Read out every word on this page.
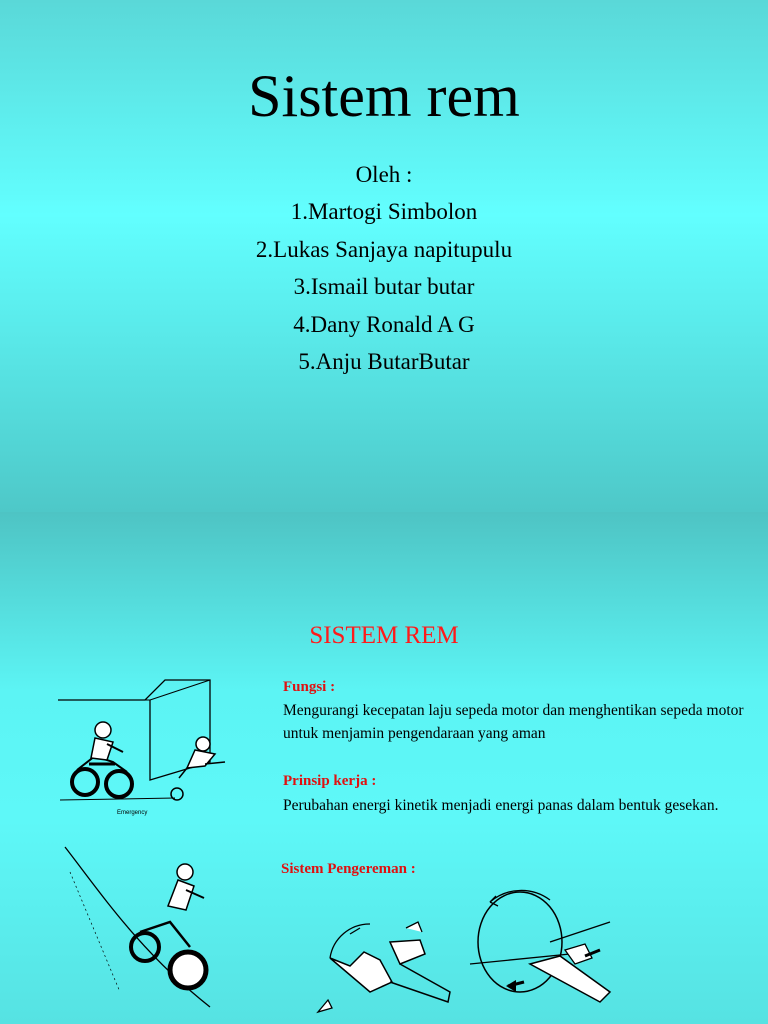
Sistem rem
Oleh :
1.Martogi Simbolon
2.Lukas Sanjaya napitupulu
3.Ismail butar butar
4.Dany Ronald A G
5.Anju ButarButar
SISTEM REM
Fungsi :
Mengurangi kecepatan laju sepeda motor dan menghentikan sepeda motor untuk menjamin pengendaraan yang aman
Prinsip kerja :
Perubahan energi kinetik menjadi energi panas dalam bentuk gesekan.
Sistem Pengereman :
Emergency
